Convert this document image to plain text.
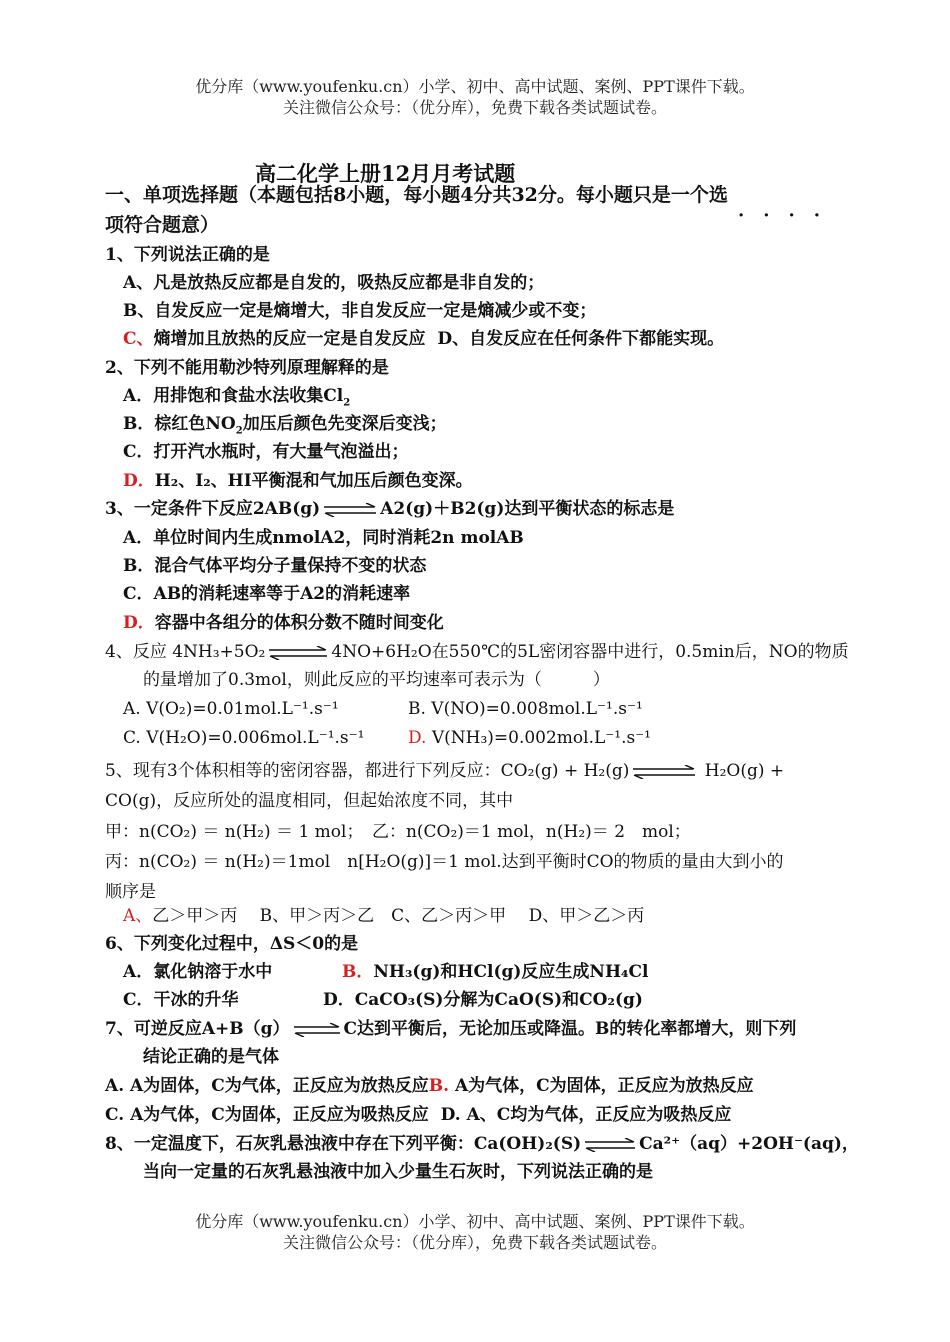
优分库（www.youfenku.cn）小学、初中、高中试题、案例、PPT课件下载。
关注微信公众号：（优分库），免费下载各类试题试卷。
高二化学上册12月月考试题
一、单项选择题（本题包括8小题，每小题4分共32分。每小题只是一个选
····
项符合题意）
1、下列说法正确的是
A、凡是放热反应都是自发的，吸热反应都是非自发的；
B、自发反应一定是熵增大，非自发反应一定是熵减少或不变；
C、熵增加且放热的反应一定是自发反应 D、自发反应在任何条件下都能实现。
2、下列不能用勒沙特列原理解释的是
A．用排饱和食盐水法收集$Cl_2$
B．棕红色$NO_2$加压后颜色先变深后变浅；
C．打开汽水瓶时，有大量气泡溢出；
D．H₂、I₂、HI平衡混和气加压后颜色变深。
3、一定条件下反应2AB(g) ⇌ A2(g)＋B2(g)达到平衡状态的标志是
A．单位时间内生成nmolA2，同时消耗2n molAB
B．混合气体平均分子量保持不变的状态
C．AB的消耗速率等于A2的消耗速率
D．容器中各组分的体积分数不随时间变化
4、反应 4NH₃+5O₂ ⇌ 4NO+6H₂O在550℃的5L密闭容器中进行，0.5min后，NO的物质
的量增加了0.3mol，则此反应的平均速率可表示为（　　　）
A. V(O₂)=0.01mol.L⁻¹.s⁻¹	B. V(NO)=0.008mol.L⁻¹.s⁻¹
C. V(H₂O)=0.006mol.L⁻¹.s⁻¹	D. V(NH₃)=0.002mol.L⁻¹.s⁻¹
5、现有3个体积相等的密闭容器，都进行下列反应：CO₂(g) + H₂(g) ⇌ H₂O(g) +
CO(g)，反应所处的温度相同，但起始浓度不同，其中
甲：n(CO₂) ＝ n(H₂) ＝ 1 mol；　乙：n(CO₂)＝1 mol，n(H₂)＝ 2　mol；
丙：n(CO₂) ＝ n(H₂)＝1mol　n[H₂O(g)]＝1 mol.达到平衡时CO的物质的量由大到小的
顺序是
A、乙＞甲＞丙　 B、甲＞丙＞乙　C、乙＞丙＞甲　 D、甲＞乙＞丙
6、下列变化过程中，ΔS＜0的是
A．氯化钠溶于水中	B．NH₃(g)和HCl(g)反应生成NH₄Cl
C．干冰的升华	D．CaCO₃(S)分解为CaO(S)和CO₂(g)
7、可逆反应A+B（g） ⇌ C达到平衡后，无论加压或降温。B的转化率都增大，则下列
结论正确的是气体
A. A为固体，C为气体，正反应为放热反应B. A为气体，C为固体，正反应为放热反应
C. A为气体，C为固体，正反应为吸热反应 D. A、C均为气体，正反应为吸热反应
8、一定温度下，石灰乳悬浊液中存在下列平衡：Ca(OH)₂(S) ⇌ Ca²⁺（aq）+2OH⁻(aq)，
当向一定量的石灰乳悬浊液中加入少量生石灰时，下列说法正确的是
优分库（www.youfenku.cn）小学、初中、高中试题、案例、PPT课件下载。
关注微信公众号：（优分库），免费下载各类试题试卷。
